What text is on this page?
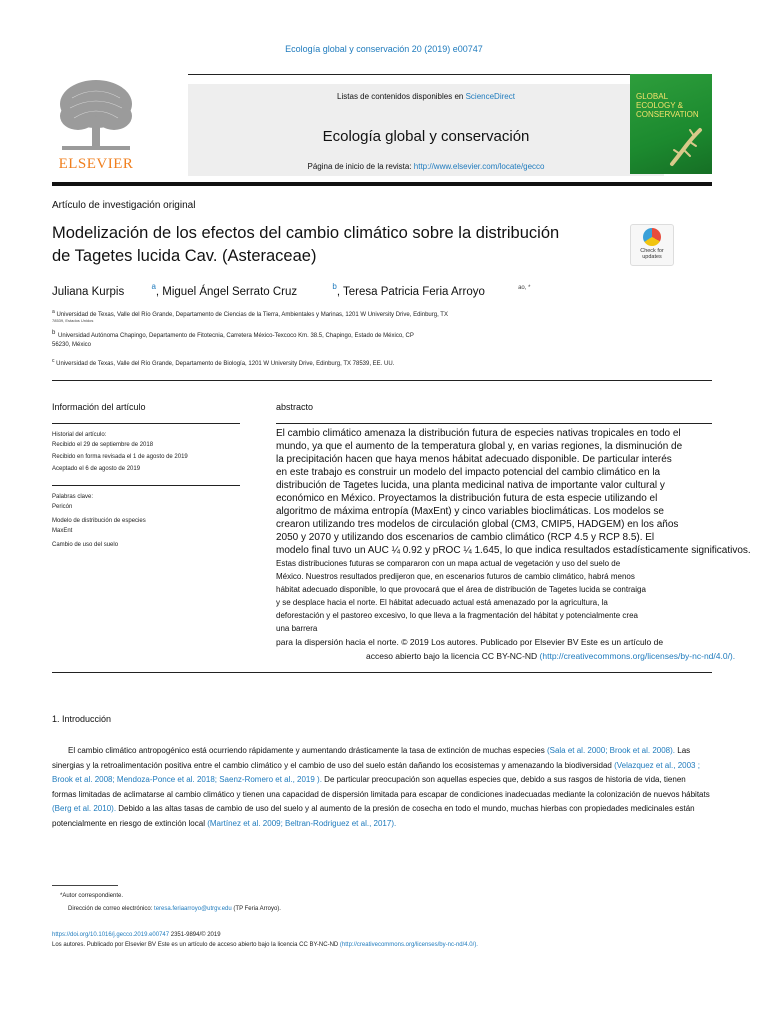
Ecología global y conservación 20 (2019) e00747
ELSEVIER
Listas de contenidos disponibles en ScienceDirect
Ecología global y conservación
Página de inicio de la revista: http://www.elsevier.com/locate/gecco
GLOBAL
ECOLOGY &
CONSERVATION
Artículo de investigación original
Modelización de los efectos del cambio climático sobre la distribución
de Tagetes lucida Cav. (Asteraceae)	Check for
updates
Juliana Kurpis	$^a$, Miguel Ángel Serrato Cruz	$^b$, Teresa Patricia Feria Arroyo	$^{ao, *}$
$^a$ Universidad de Texas, Valle del Río Grande, Departamento de Ciencias de la Tierra, Ambientales y Marinas, 1201 W University Drive, Edinburg, TX
78539, Estados Unidos
b Universidad Autónoma Chapingo, Departamento de Fitotecnia, Carretera México-Texcoco Km. 38.5, Chapingo, Estado de México, CP
56230, México
$^c$ Universidad de Texas, Valle del Río Grande, Departamento de Biología, 1201 W University Drive, Edinburg, TX 78539, EE. UU.
Información del artículo
Historial del artículo:
Recibido el 29 de septiembre de 2018
Recibido en forma revisada el 1 de agosto de 2019
Aceptado el 6 de agosto de 2019
Palabras clave:
Pericón
Modelo de distribución de especies
MaxEnt
Cambio de uso del suelo
abstracto
El cambio climático amenaza la distribución futura de especies nativas tropicales en todo el
mundo, ya que el aumento de la temperatura global y, en varias regiones, la disminución de
la precipitación hacen que haya menos hábitat adecuado disponible. De particular interés
en este trabajo es construir un modelo del impacto potencial del cambio climático en la
distribución de Tagetes lucida, una planta medicinal nativa de importante valor cultural y
económico en México. Proyectamos la distribución futura de esta especie utilizando el
algoritmo de máxima entropía (MaxEnt) y cinco variables bioclimáticas. Los modelos se
crearon utilizando tres modelos de circulación global (CM3, CMIP5, HADGEM) en los años
2050 y 2070 y utilizando dos escenarios de cambio climático (RCP 4.5 y RCP 8.5). El
modelo final tuvo un AUC ¼ 0.92 y pROC ¼ 1.645, lo que indica resultados estadísticamente significativos.
Estas distribuciones futuras se compararon con un mapa actual de vegetación y uso del suelo de
México. Nuestros resultados predijeron que, en escenarios futuros de cambio climático, habrá menos
hábitat adecuado disponible, lo que provocará que el área de distribución de Tagetes lucida se contraiga
y se desplace hacia el norte. El hábitat adecuado actual está amenazado por la agricultura, la
deforestación y el pastoreo excesivo, lo que lleva a la fragmentación del hábitat y potencialmente crea
una barrera
para la dispersión hacia el norte. © 2019 Los autores. Publicado por Elsevier BV Este es un artículo de
acceso abierto bajo la licencia CC BY-NC-ND (http://creativecommons.org/licenses/by-nc-nd/4.0/).
1. Introducción
El cambio climático antropogénico está ocurriendo rápidamente y aumentando drásticamente la tasa de extinción de muchas especies (Sala et al. 2000; Brook et al. 2008). Las sinergias y la retroalimentación positiva entre el cambio climático y el cambio de uso del suelo están dañando los ecosistemas y amenazando la biodiversidad (Velazquez et al., 2003 ; Brook et al. 2008; Mendoza-Ponce et al. 2018; Saenz-Romero et al., 2019 ). De particular preocupación son aquellas especies que, debido a sus rasgos de historia de vida, tienen formas limitadas de aclimatarse al cambio climático y tienen una capacidad de dispersión limitada para escapar de condiciones inadecuadas mediante la colonización de nuevos hábitats (Berg et al. 2010). Debido a las altas tasas de cambio de uso del suelo y al aumento de la presión de cosecha en todo el mundo, muchas hierbas con propiedades medicinales están potencialmente en riesgo de extinción local (Martínez et al. 2009; Beltran-Rodriguez et al., 2017).
*Autor correspondiente.
Dirección de correo electrónico: teresa.feriaarroyo@utrgv.edu (TP Feria Arroyo).
https://doi.org/10.1016/j.gecco.2019.e00747 2351-9894/© 2019
Los autores. Publicado por Elsevier BV Este es un artículo de acceso abierto bajo la licencia CC BY-NC-ND (http://creativecommons.org/licenses/by-nc-nd/4.0/).
